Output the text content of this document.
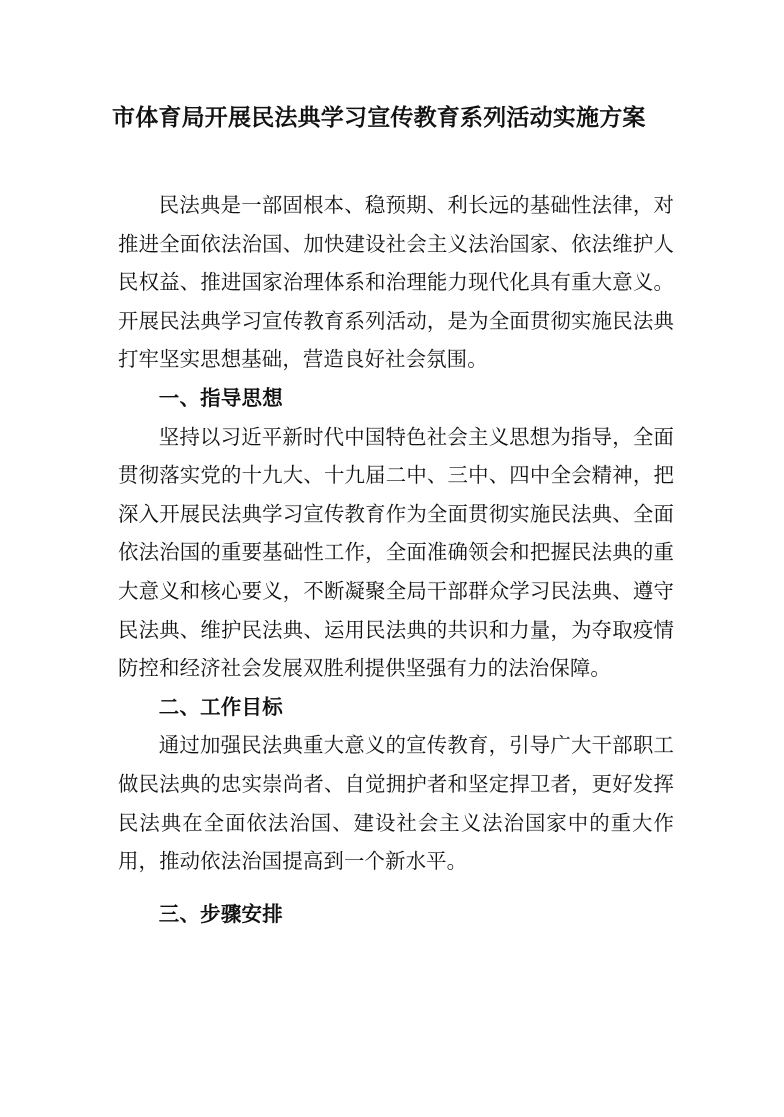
市体育局开展民法典学习宣传教育系列活动实施方案

民法典是一部固根本、稳预期、利长远的基础性法律，对推进全面依法治国、加快建设社会主义法治国家、依法维护人民权益、推进国家治理体系和治理能力现代化具有重大意义。开展民法典学习宣传教育系列活动，是为全面贯彻实施民法典打牢坚实思想基础，营造良好社会氛围。

一、指导思想

坚持以习近平新时代中国特色社会主义思想为指导，全面贯彻落实党的十九大、十九届二中、三中、四中全会精神，把深入开展民法典学习宣传教育作为全面贯彻实施民法典、全面依法治国的重要基础性工作，全面准确领会和把握民法典的重大意义和核心要义，不断凝聚全局干部群众学习民法典、遵守民法典、维护民法典、运用民法典的共识和力量，为夺取疫情防控和经济社会发展双胜利提供坚强有力的法治保障。

二、工作目标

通过加强民法典重大意义的宣传教育，引导广大干部职工做民法典的忠实崇尚者、自觉拥护者和坚定捍卫者，更好发挥民法典在全面依法治国、建设社会主义法治国家中的重大作用，推动依法治国提高到一个新水平。

三、步骤安排
